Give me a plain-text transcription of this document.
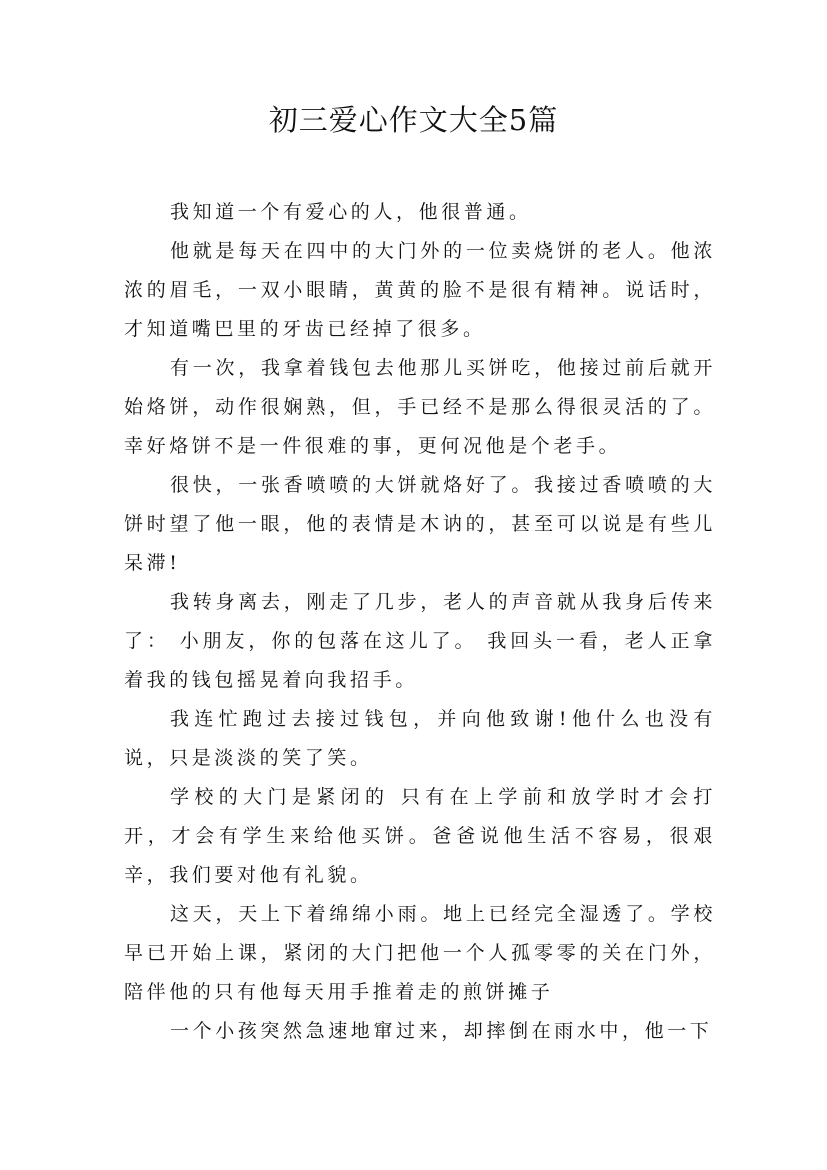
初三爱心作文大全5篇

我知道一个有爱心的人，他很普通。

他就是每天在四中的大门外的一位卖烧饼的老人。他浓浓的眉毛，一双小眼睛，黄黄的脸不是很有精神。说话时，才知道嘴巴里的牙齿已经掉了很多。

有一次，我拿着钱包去他那儿买饼吃，他接过前后就开始烙饼，动作很娴熟，但，手已经不是那么得很灵活的了。幸好烙饼不是一件很难的事，更何况他是个老手。

很快，一张香喷喷的大饼就烙好了。我接过香喷喷的大饼时望了他一眼，他的表情是木讷的，甚至可以说是有些儿呆滞!

我转身离去，刚走了几步，老人的声音就从我身后传来了： 小朋友，你的包落在这儿了。 我回头一看，老人正拿着我的钱包摇晃着向我招手。

我连忙跑过去接过钱包，并向他致谢!他什么也没有说，只是淡淡的笑了笑。

学校的大门是紧闭的 只有在上学前和放学时才会打开，才会有学生来给他买饼。爸爸说他生活不容易，很艰辛，我们要对他有礼貌。

这天，天上下着绵绵小雨。地上已经完全湿透了。学校早已开始上课，紧闭的大门把他一个人孤零零的关在门外，陪伴他的只有他每天用手推着走的煎饼摊子

一个小孩突然急速地窜过来，却摔倒在雨水中，他一下
